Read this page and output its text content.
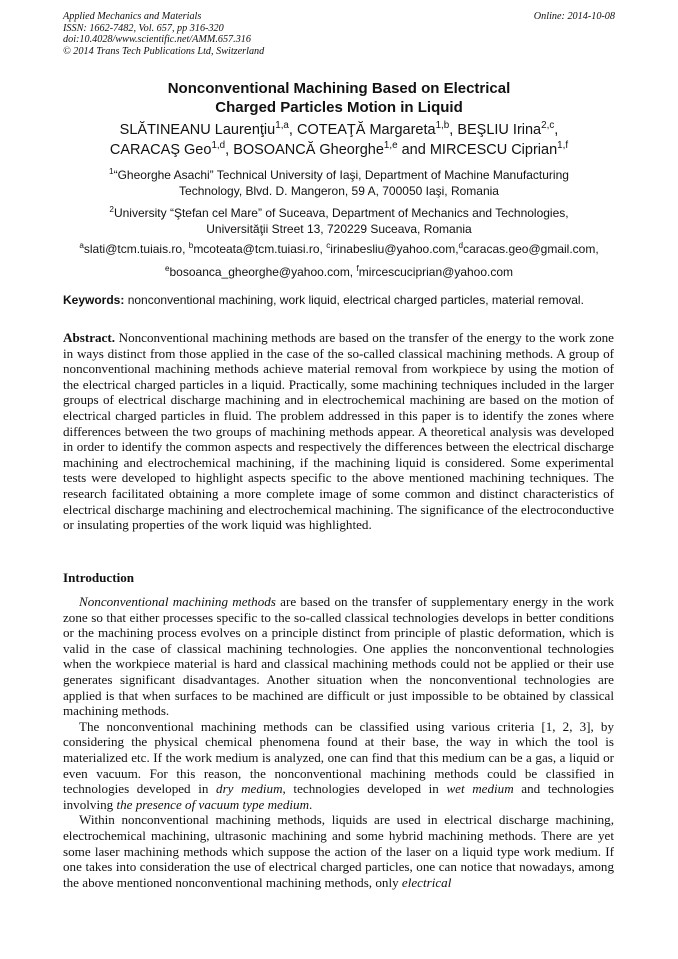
Applied Mechanics and Materials
ISSN: 1662-7482, Vol. 657, pp 316-320
doi:10.4028/www.scientific.net/AMM.657.316
© 2014 Trans Tech Publications Ltd, Switzerland
Online: 2014-10-08
Nonconventional Machining Based on Electrical
Charged Particles Motion in Liquid
SLĂTINEANU Laurenţiu$^{1,a}$, COTEAŢĂ Margareta$^{1,b}$, BEŞLIU Irina$^{2,c}$,
CARACAŞ Geo$^{1,d}$, BOSOANCĂ Gheorghe$^{1,e}$ and MIRCESCU Ciprian$^{1,f}$
$^1$“Gheorghe Asachi” Technical University of Iaşi, Department of Machine Manufacturing
Technology, Blvd. D. Mangeron, 59 A, 700050 Iaşi, Romania
$^2$University “Ştefan cel Mare” of Suceava, Department of Mechanics and Technologies,
Universităţii Street 13, 720229 Suceava, Romania
$^a$slati@tcm.tuiais.ro, $^b$mcoteata@tcm.tuiasi.ro, $^c$irinabesliu@yahoo.com,$^d$caracas.geo@gmail.com,
$^e$bosoanca_gheorghe@yahoo.com, $^f$mircescuciprian@yahoo.com
Keywords: nonconventional machining, work liquid, electrical charged particles, material removal.
Abstract. Nonconventional machining methods are based on the transfer of the energy to the work zone in ways distinct from those applied in the case of the so-called classical machining methods. A group of nonconventional machining methods achieve material removal from workpiece by using the motion of the electrical charged particles in a liquid. Practically, some machining techniques included in the larger groups of electrical discharge machining and in electrochemical machining are based on the motion of electrical charged particles in fluid. The problem addressed in this paper is to identify the zones where differences between the two groups of machining methods appear. A theoretical analysis was developed in order to identify the common aspects and respectively the differences between the electrical discharge machining and electrochemical machining, if the machining liquid is considered. Some experimental tests were developed to highlight aspects specific to the above mentioned machining techniques. The research facilitated obtaining a more complete image of some common and distinct characteristics of electrical discharge machining and electrochemical machining. The significance of the electroconductive or insulating properties of the work liquid was highlighted.
Introduction

Nonconventional machining methods are based on the transfer of supplementary energy in the work zone so that either processes specific to the so-called classical technologies develops in better conditions or the machining process evolves on a principle distinct from principle of plastic deformation, which is valid in the case of classical machining technologies. One applies the nonconventional technologies when the workpiece material is hard and classical machining methods could not be applied or their use generates significant disadvantages. Another situation when the nonconventional technologies are applied is that when surfaces to be machined are difficult or just impossible to be obtained by classical machining methods.

The nonconventional machining methods can be classified using various criteria [1, 2, 3], by considering the physical chemical phenomena found at their base, the way in which the tool is materialized etc. If the work medium is analyzed, one can find that this medium can be a gas, a liquid or even vacuum. For this reason, the nonconventional machining methods could be classified in technologies developed in dry medium, technologies developed in wet medium and technologies involving the presence of vacuum type medium.

Within nonconventional machining methods, liquids are used in electrical discharge machining, electrochemical machining, ultrasonic machining and some hybrid machining methods. There are yet some laser machining methods which suppose the action of the laser on a liquid type work medium. If one takes into consideration the use of electrical charged particles, one can notice that nowadays, among the above mentioned nonconventional machining methods, only electrical
